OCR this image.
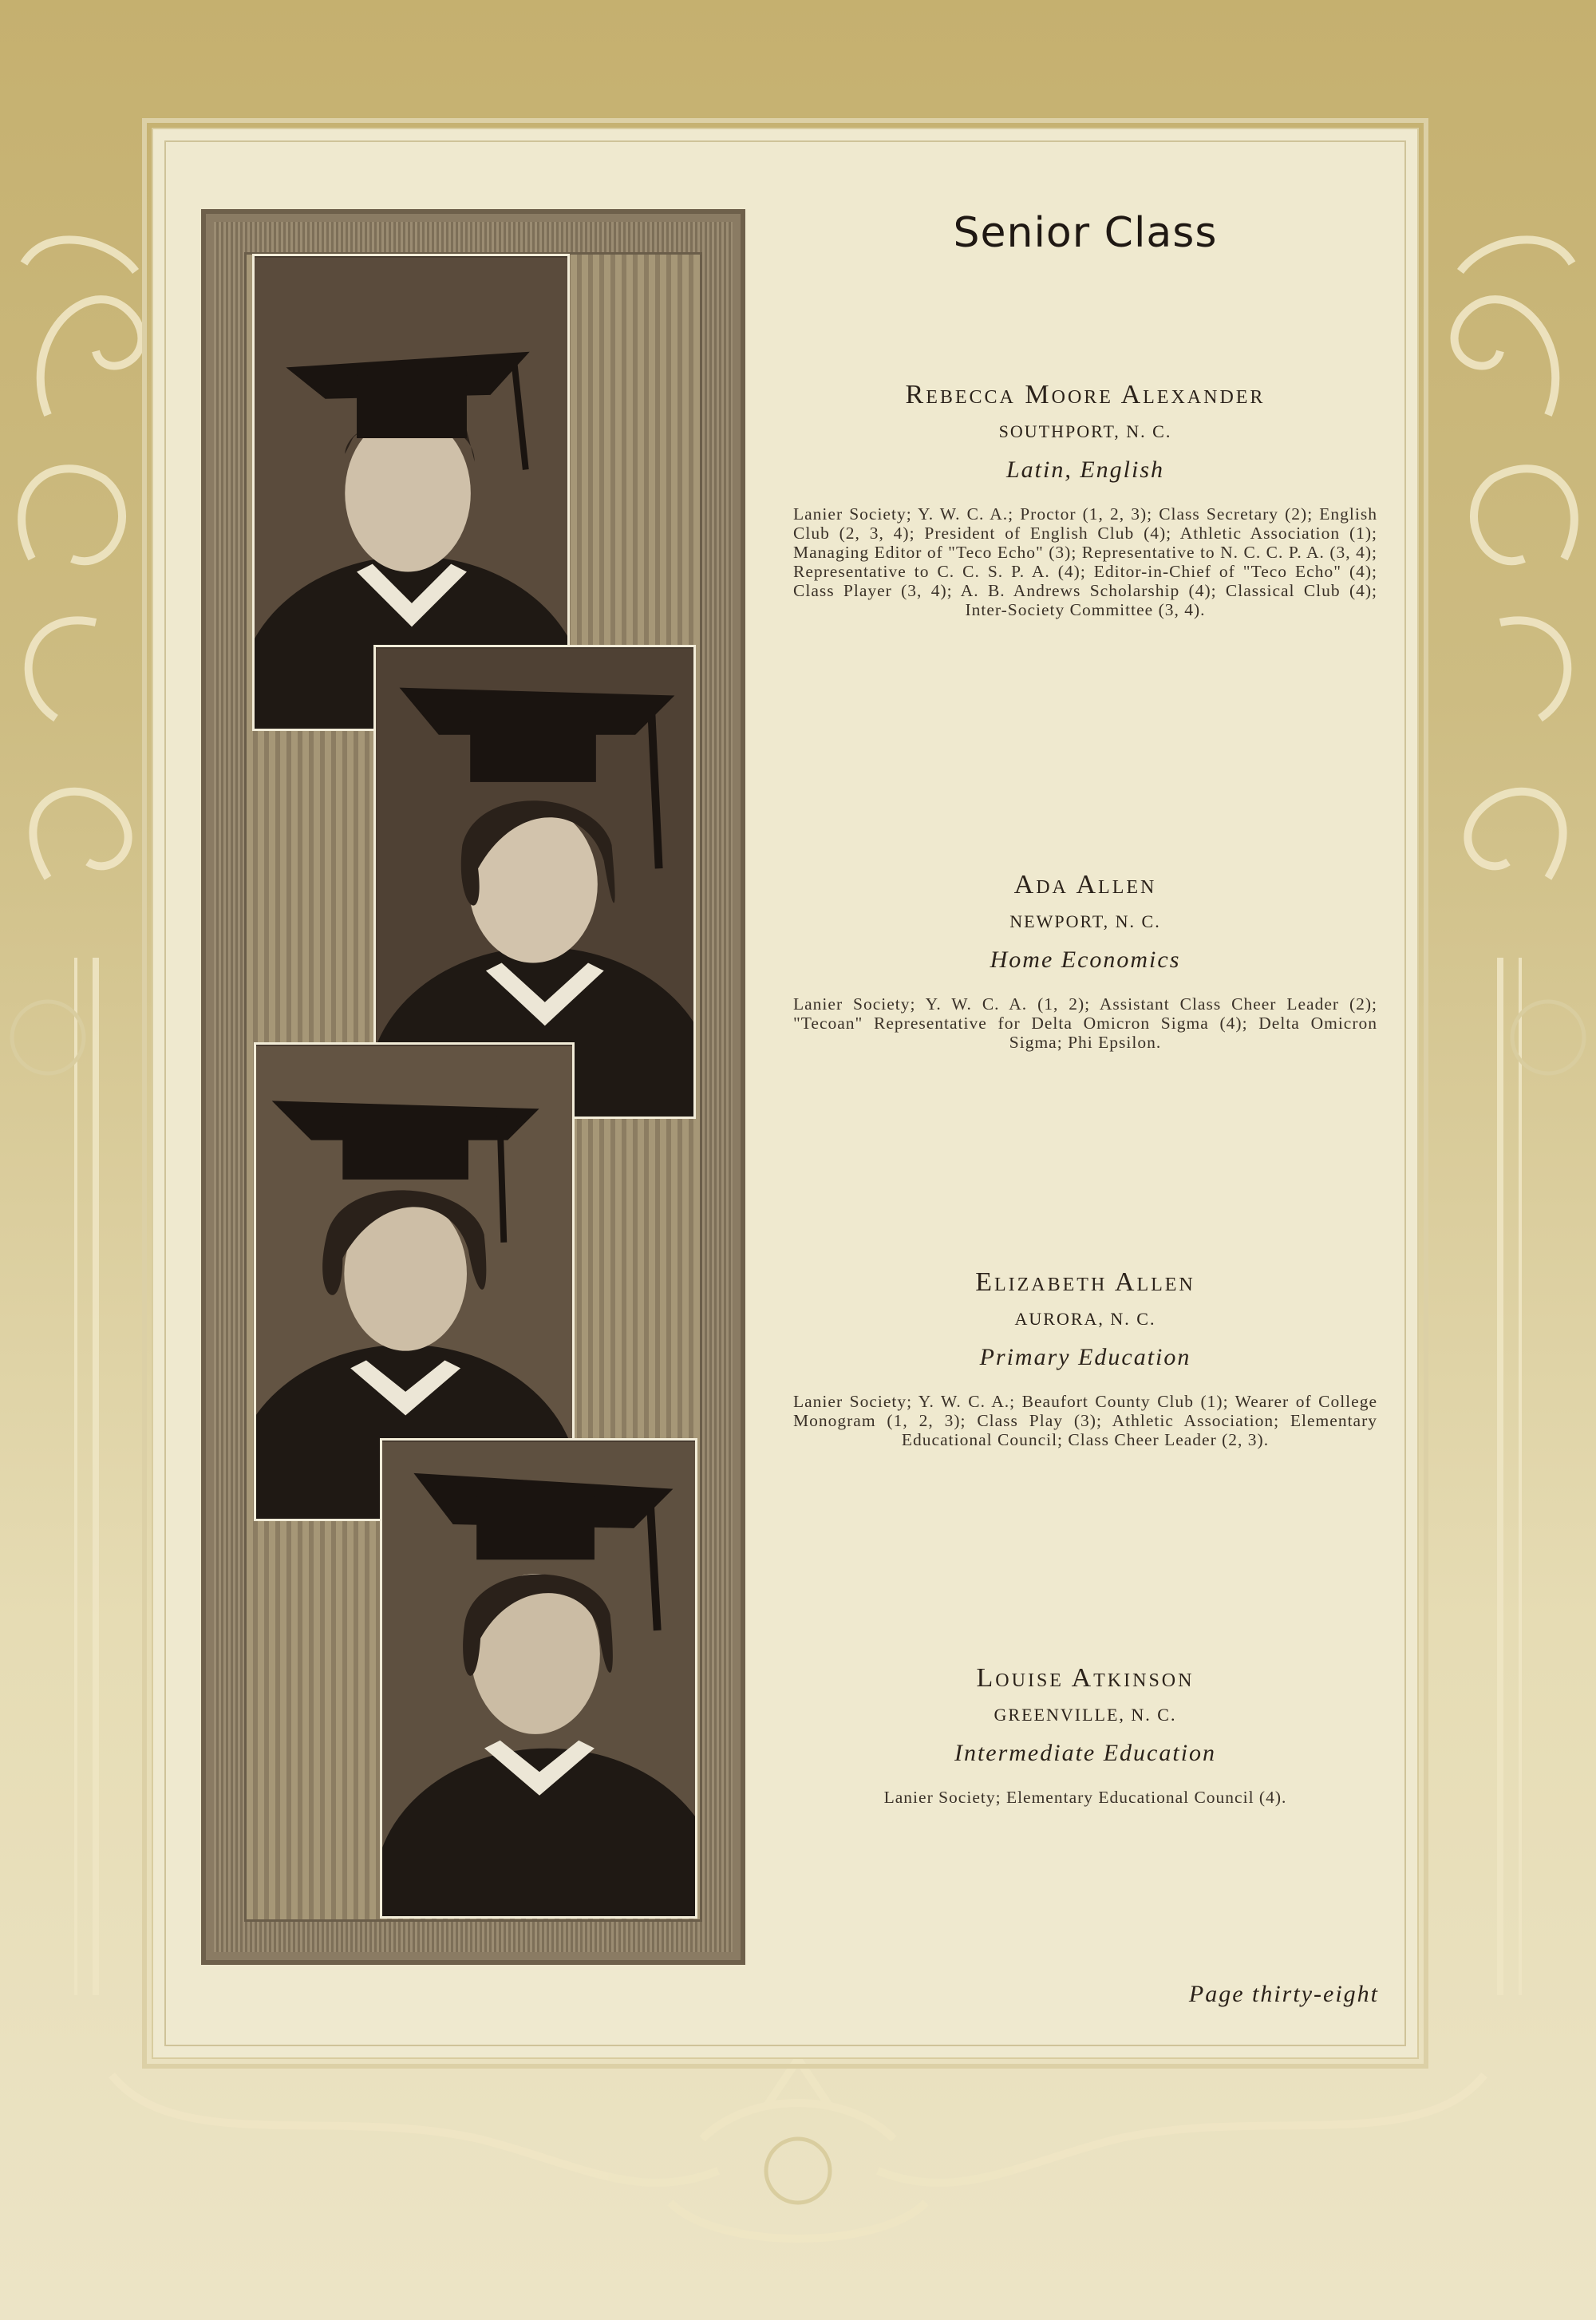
Senior Class

Rebecca Moore Alexander

SOUTHPORT, N. C.

Latin, English

Lanier Society; Y. W. C. A.; Proctor (1, 2, 3); Class Secretary (2); English Club (2, 3, 4); President of English Club (4); Athletic Association (1); Managing Editor of "Teco Echo" (3); Representative to N. C. C. P. A. (3, 4); Representative to C. C. S. P. A. (4); Editor-in-Chief of "Teco Echo" (4); Class Player (3, 4); A. B. Andrews Scholarship (4); Classical Club (4); Inter-Society Committee (3, 4).

Ada Allen

NEWPORT, N. C.

Home Economics

Lanier Society; Y. W. C. A. (1, 2); Assistant Class Cheer Leader (2); "Tecoan" Representative for Delta Omicron Sigma (4); Delta Omicron Sigma; Phi Epsilon.

Elizabeth Allen

AURORA, N. C.

Primary Education

Lanier Society; Y. W. C. A.; Beaufort County Club (1); Wearer of College Monogram (1, 2, 3); Class Play (3); Athletic Association; Elementary Educational Council; Class Cheer Leader (2, 3).

Louise Atkinson

GREENVILLE, N. C.

Intermediate Education

Lanier Society; Elementary Educational Council (4).

Page thirty-eight
